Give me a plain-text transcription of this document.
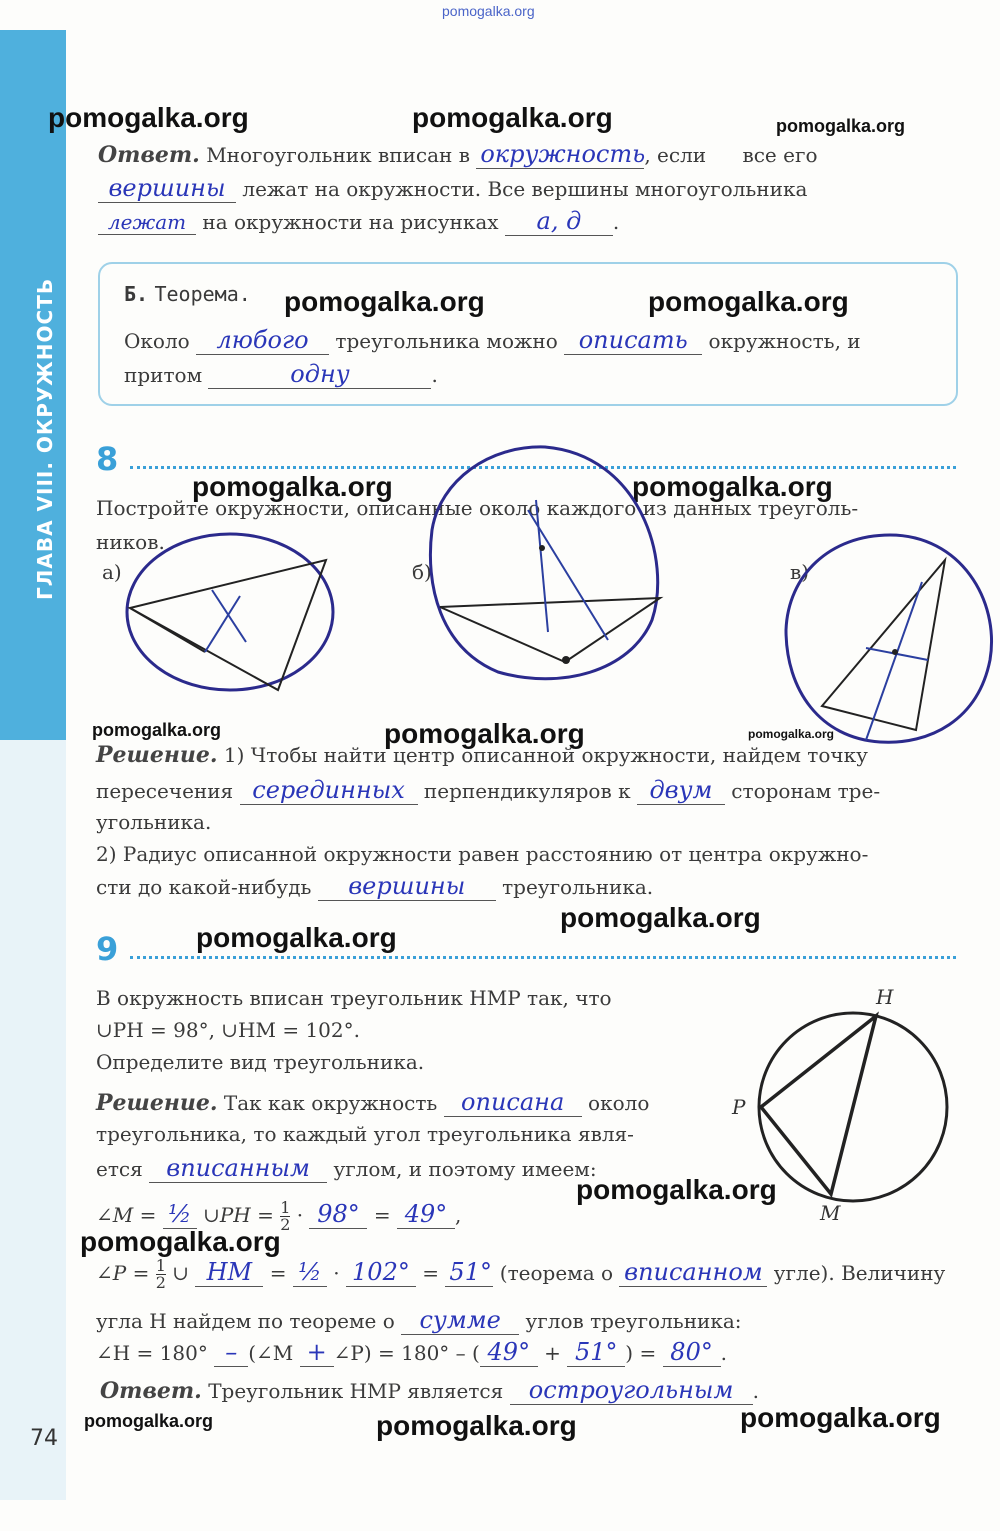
ГЛАВА VIII. ОКРУЖНОСТЬ
pomogalka.org
pomogalka.org	pomogalka.org	pomogalka.org
pomogalka.org	pomogalka.org
pomogalka.org	pomogalka.org
pomogalka.org	pomogalka.org	pomogalka.org
pomogalka.org
pomogalka.org
pomogalka.org
pomogalka.org
pomogalka.org	pomogalka.org	pomogalka.org
Ответ. Многоугольник вписан в окружность, если все его
вершины лежат на окружности. Все вершины многоугольника
лежат на окружности на рисунках а, д .
Б. Теорема.
Около любого треугольника можно описать окружность, и
притом	одну	.
8
Постройте окружности, описанные около каждого из данных треуголь-
ников.
а)	б)	в)
Решение. 1) Чтобы найти центр описанной окружности, найдем точку
пересечения серединных перпендикуляров к двум сторонам тре-
угольника.
2) Радиус описанной окружности равен расстоянию от центра окружно-
сти до какой-нибудь вершины треугольника.
9
В окружность вписан треугольник HMP так, что
∪PH = 98°, ∪HM = 102°.
Определите вид треугольника.
Решение. Так как окружность описана около
треугольника, то каждый угол треугольника явля-
ется вписанным углом, и поэтому имеем:
∠M = ½ ∪PH = $\frac{1}{2} \cdot 98^\circ = 49^\circ$ ,
∠P = $\frac{1}{2}$ ∪ HM = ½ · 102° = 51° (теорема о вписанном угле). Величину
угла H найдем по теореме о сумме углов треугольника:
∠H = 180° – (∠M + ∠P) = 180° – ( 49° + 51° ) = 80° .
Ответ. Треугольник HMP является остроугольным .
H
P
M
74
